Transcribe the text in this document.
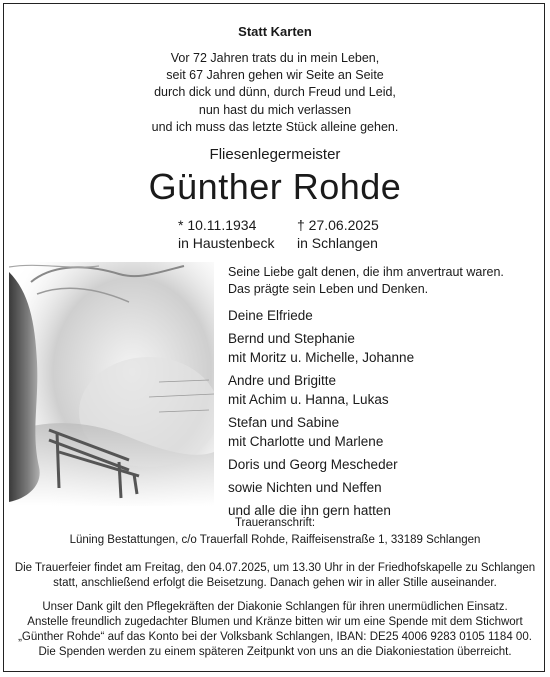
Statt Karten
Vor 72 Jahren trats du in mein Leben,
seit 67 Jahren gehen wir Seite an Seite
durch dick und dünn, durch Freud und Leid,
nun hast du mich verlassen
und ich muss das letzte Stück alleine gehen.
Fliesenlegermeister
Günther Rohde
* 10.11.1934
in Haustenbeck
† 27.06.2025
in Schlangen
Seine Liebe galt denen, die ihm anvertraut waren.
Das prägte sein Leben und Denken.
Deine Elfriede
Bernd und Stephanie
mit Moritz u. Michelle, Johanne
Andre und Brigitte
mit Achim u. Hanna, Lukas
Stefan und Sabine
mit Charlotte und Marlene
Doris und Georg Mescheder
sowie Nichten und Neffen
und alle die ihn gern hatten
Traueranschrift:
Lüning Bestattungen, c/o Trauerfall Rohde, Raiffeisenstraße 1, 33189 Schlangen
Die Trauerfeier findet am Freitag, den 04.07.2025, um 13.30 Uhr in der Friedhofskapelle zu Schlangen
statt, anschließend erfolgt die Beisetzung. Danach gehen wir in aller Stille auseinander.
Unser Dank gilt den Pflegekräften der Diakonie Schlangen für ihren unermüdlichen Einsatz.
Anstelle freundlich zugedachter Blumen und Kränze bitten wir um eine Spende mit dem Stichwort
„Günther Rohde“ auf das Konto bei der Volksbank Schlangen, IBAN: DE25 4006 9283 0105 1184 00.
Die Spenden werden zu einem späteren Zeitpunkt von uns an die Diakoniestation überreicht.
